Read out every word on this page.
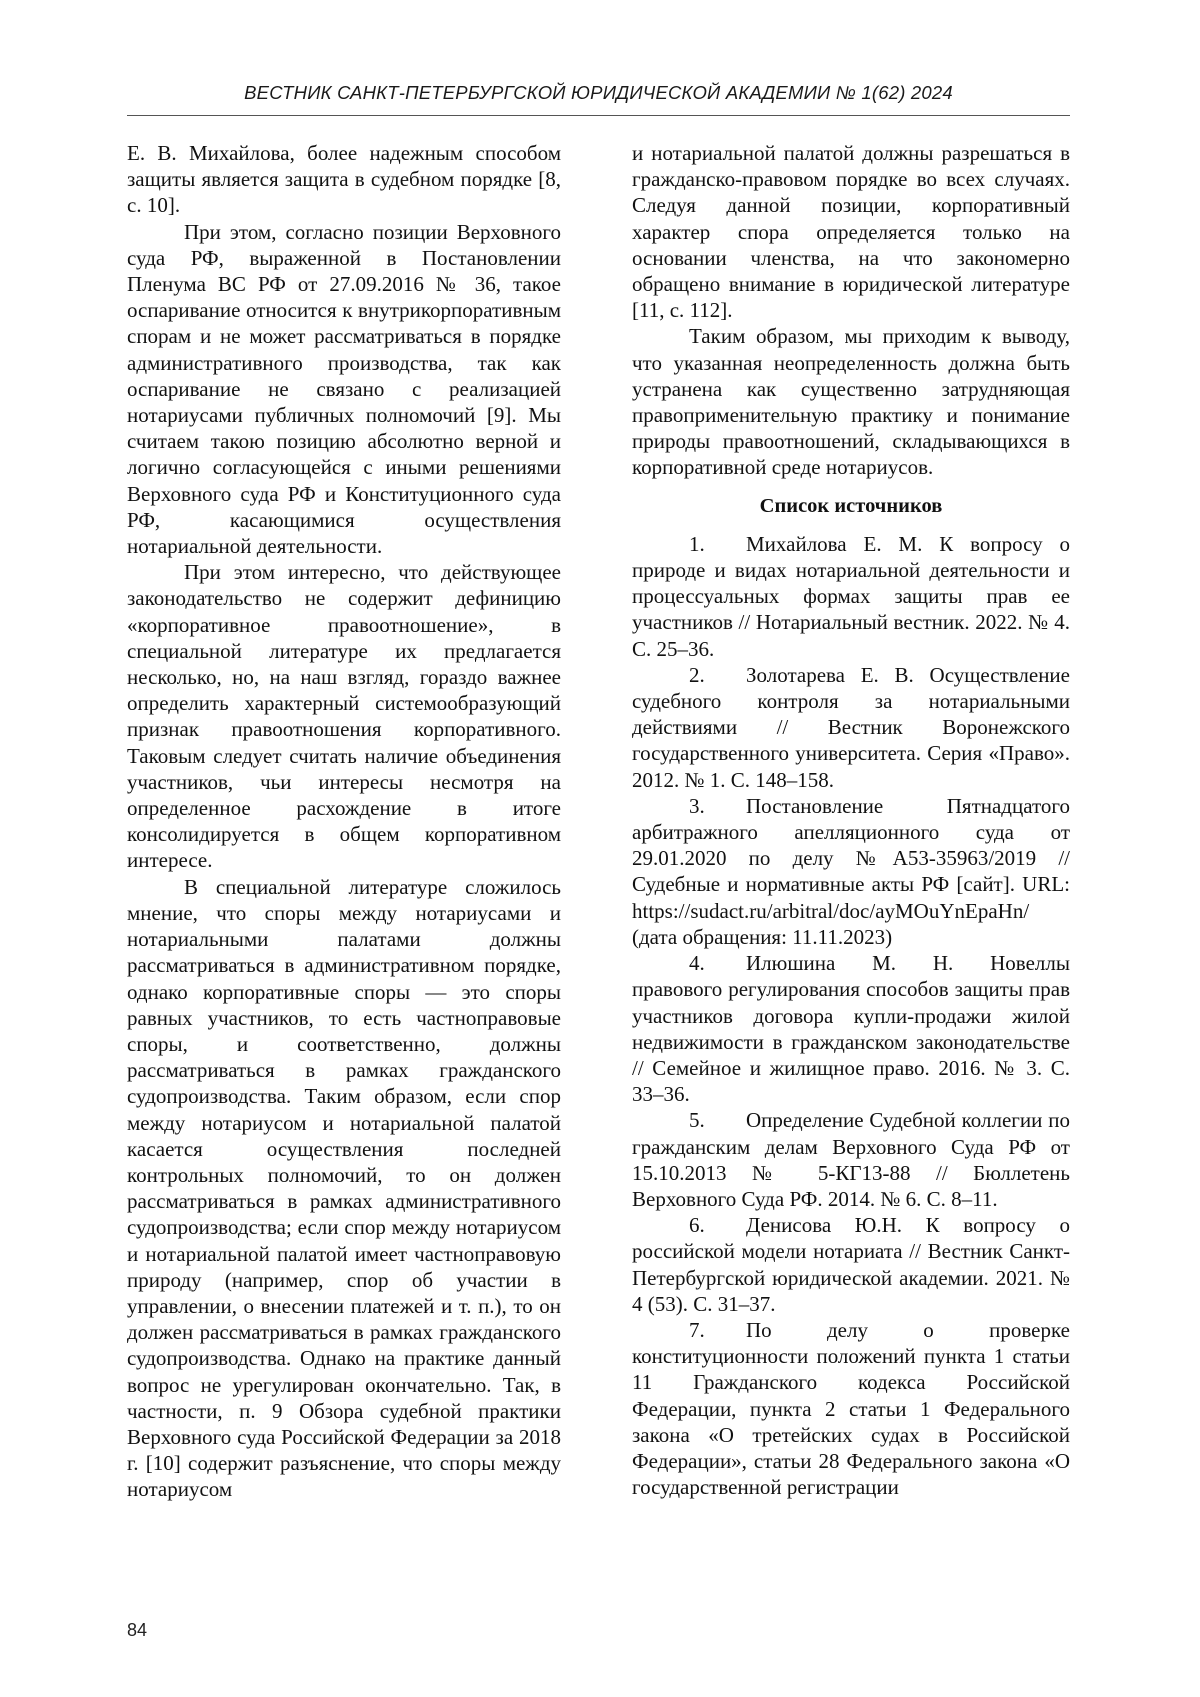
ВЕСТНИК САНКТ-ПЕТЕРБУРГСКОЙ ЮРИДИЧЕСКОЙ АКАДЕМИИ № 1(62) 2024

Е. В. Михайлова, более надежным способом защиты является защита в судебном порядке [8, с. 10].

При этом, согласно позиции Верховного суда РФ, выраженной в Постановлении Пленума ВС РФ от 27.09.2016 № 36, такое оспаривание относится к внутрикорпоративным спорам и не может рассматриваться в порядке административного производства, так как оспаривание не связано с реализацией нотариусами публичных полномочий [9]. Мы считаем такою позицию абсолютно верной и логично согласующейся с иными решениями Верховного суда РФ и Конституционного суда РФ, касающимися осуществления нотариальной деятельности.

При этом интересно, что действующее законодательство не содержит дефиницию «корпоративное правоотношение», в специальной литературе их предлагается несколько, но, на наш взгляд, гораздо важнее определить характерный системообразующий признак правоотношения корпоративного. Таковым следует считать наличие объединения участников, чьи интересы несмотря на определенное расхождение в итоге консолидируется в общем корпоративном интересе.

В специальной литературе сложилось мнение, что споры между нотариусами и нотариальными палатами должны рассматриваться в административном порядке, однако корпоративные споры — это споры равных участников, то есть частноправовые споры, и соответственно, должны рассматриваться в рамках гражданского судопроизводства. Таким образом, если спор между нотариусом и нотариальной палатой касается осуществления последней контрольных полномочий, то он должен рассматриваться в рамках административного судопроизводства; если спор между нотариусом и нотариальной палатой имеет частноправовую природу (например, спор об участии в управлении, о внесении платежей и т. п.), то он должен рассматриваться в рамках гражданского судопроизводства. Однако на практике данный вопрос не урегулирован окончательно. Так, в частности, п. 9 Обзора судебной практики Верховного суда Российской Федерации за 2018 г. [10] содержит разъяснение, что споры между нотариусом

и нотариальной палатой должны разрешаться в гражданско-правовом порядке во всех случаях. Следуя данной позиции, корпоративный характер спора определяется только на основании членства, на что закономерно обращено внимание в юридической литературе [11, с. 112].

Таким образом, мы приходим к выводу, что указанная неопределенность должна быть устранена как существенно затрудняющая правоприменительную практику и понимание природы правоотношений, складывающихся в корпоративной среде нотариусов.

Список источников

1. Михайлова Е. М. К вопросу о природе и видах нотариальной деятельности и процессуальных формах защиты прав ее участников // Нотариальный вестник. 2022. № 4. С. 25–36.

2. Золотарева Е. В. Осуществление судебного контроля за нотариальными действиями // Вестник Воронежского государственного университета. Серия «Право». 2012. № 1. С. 148–158.

3. Постановление Пятнадцатого арбитражного апелляционного суда от 29.01.2020 по делу №А53-35963/2019 // Судебные и нормативные акты РФ [сайт]. URL: https://sudact.ru/arbitral/doc/ayMOuYnEpaHn/ (дата обращения: 11.11.2023)

4. Илюшина М. Н. Новеллы правового регулирования способов защиты прав участников договора купли-продажи жилой недвижимости в гражданском законодательстве // Семейное и жилищное право. 2016. № 3. С. 33–36.

5. Определение Судебной коллегии по гражданским делам Верховного Суда РФ от 15.10.2013 № 5-КГ13-88 // Бюллетень Верховного Суда РФ. 2014. № 6. С. 8–11.

6. Денисова Ю.Н. К вопросу о российской модели нотариата // Вестник Санкт-Петербургской юридической академии. 2021. № 4 (53). С. 31–37.

7. По делу о проверке конституционности положений пункта 1 статьи 11 Гражданского кодекса Российской Федерации, пункта 2 статьи 1 Федерального закона «О третейских судах в Российской Федерации», статьи 28 Федерального закона «О государственной регистрации

84
